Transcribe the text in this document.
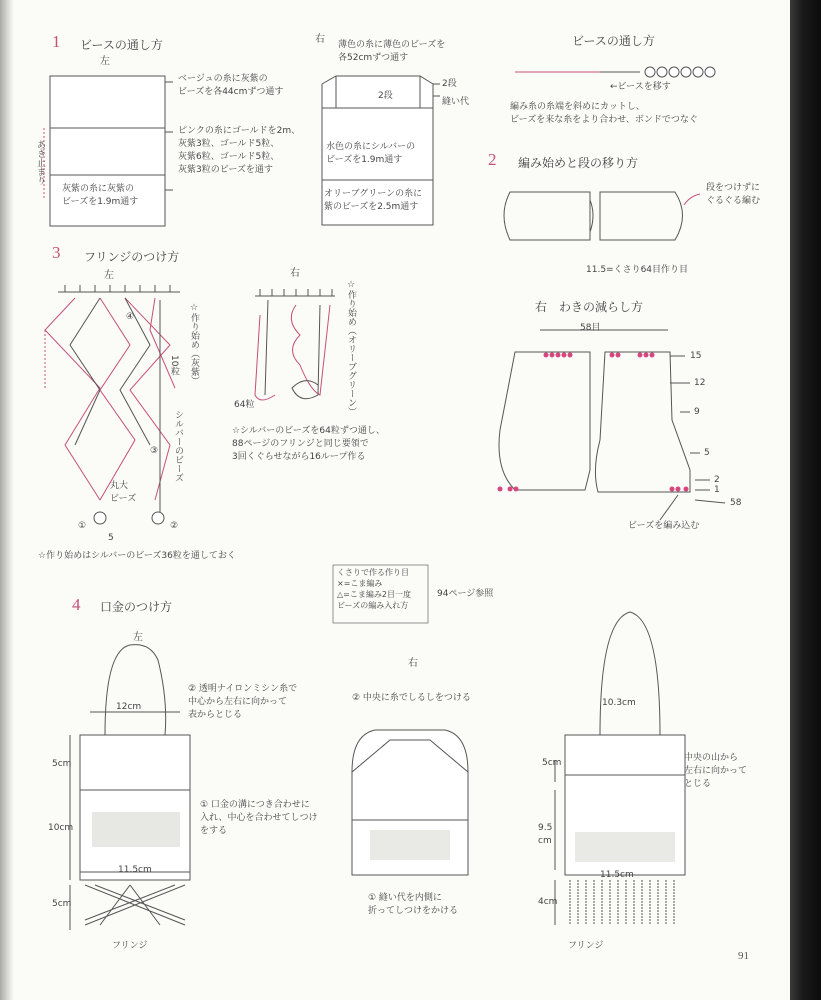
1 ビースの通し方
左
右
ベージュの糸に灰紫の
ビーズを各44cmずつ通す
ピンクの糸にゴールドを2m、
灰紫3粒、ゴールド5粒、
灰紫6粒、ゴールド5粒、
灰紫3粒のビーズを通す
灰紫の糸に灰紫の
ビーズを1.9m通す
あき止まり
薄色の糸に薄色のビーズを
各52cmずつ通す
2段
2段
縫い代
水色の糸にシルバーの
ビーズを1.9m通す
オリーブグリーンの糸に
紫のビーズを2.5m通す
ビースの通し方
←ビースを移す
編み糸の糸端を斜めにカットし、
ビーズを来な糸をより合わせ、ボンドでつなぐ
2 編み始めと段の移り方
段をつけずに
ぐるぐる編む
11.5=くさり64目作り目
右　わきの減らし方
58目
15
12
9
5
2
1
58
ビーズを編み込む
3 フリンジのつけ方
左	右
④
③
②
①
5
☆作り始め（灰紫）
10粒
シルバーのビーズ
丸大
ビーズ
☆作り始めはシルバーのビーズ36粒を通しておく
☆作り始め（オリーブグリーン）
64粒
☆シルバーのビーズを64粒ずつ通し、
88ページのフリンジと同じ要領で
3回くぐらせながら16ループ作る
くさりで作る作り目
×=こま編み
△=こま編み2目一度
ビーズの編み入れ方
94ページ参照
4 口金のつけ方
左
右
12cm
5cm
10cm
11.5cm
5cm
フリンジ
② 透明ナイロンミシン糸で
中心から左右に向かって
表からとじる
① 口金の溝につき合わせに
入れ、中心を合わせてしつけ
をする
② 中央に糸でしるしをつける
① 縫い代を内側に
折ってしつけをかける
10.3cm
5cm
9.5
cm
11.5cm
4cm
フリンジ
中央の山から
左右に向かって
とじる
91
